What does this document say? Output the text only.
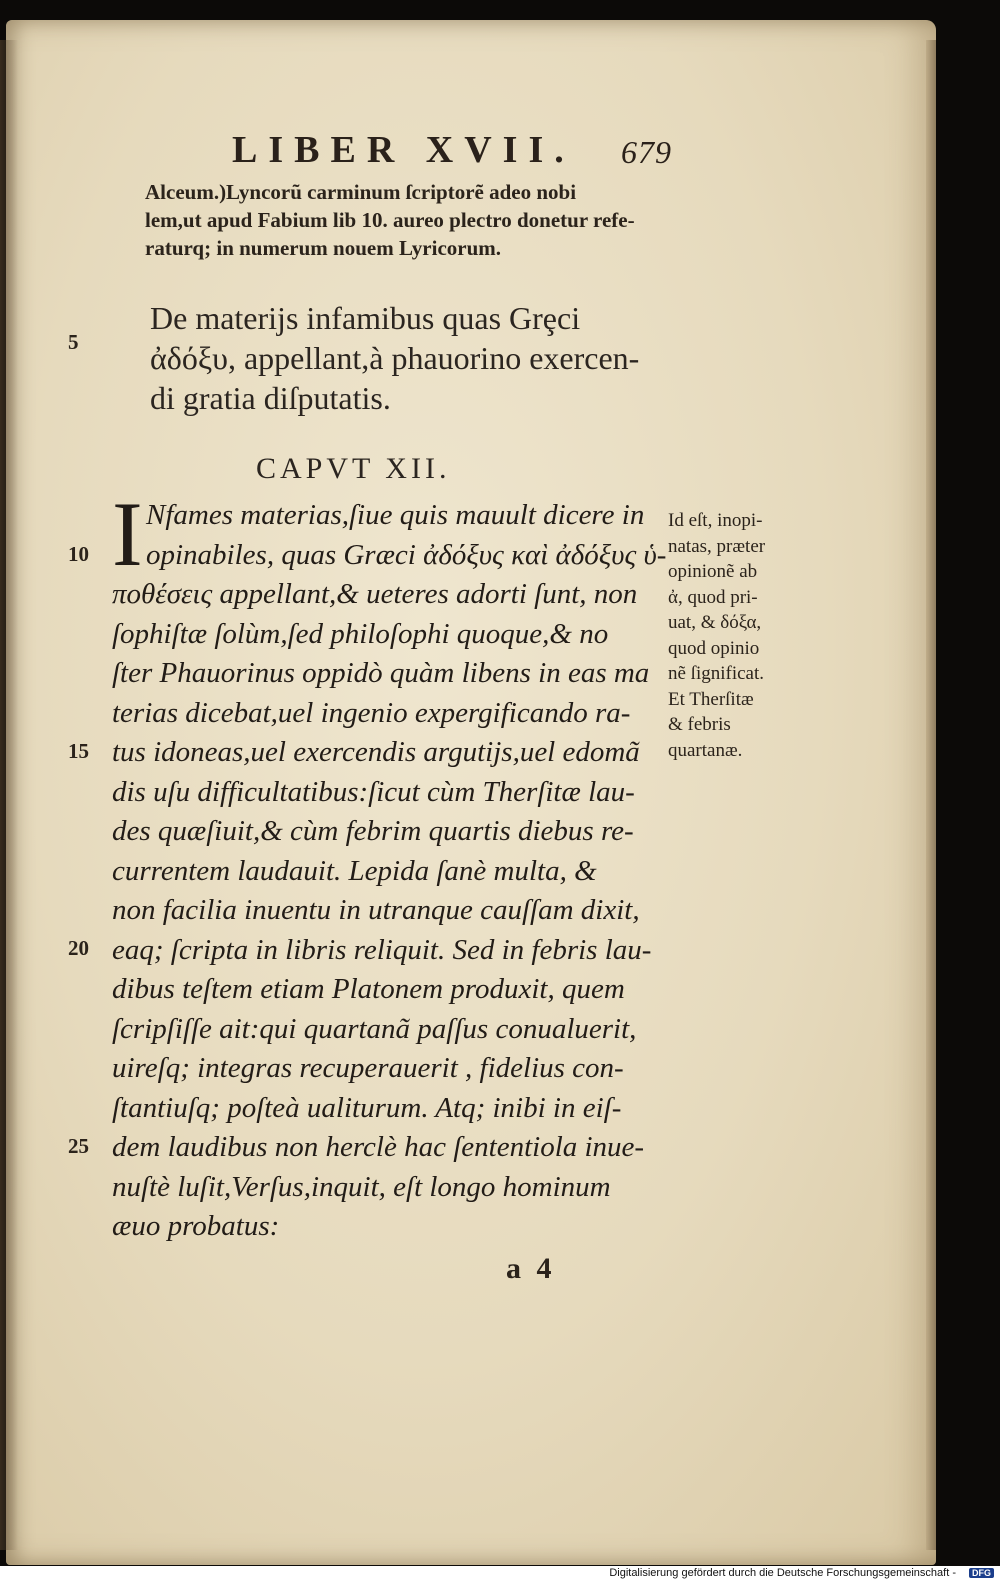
LIBER XVII. 679
Alceum.)Lyncorũ carminum ſcriptorẽ adeo nobi
lem,ut apud Fabium lib 10. aureo plectro donetur refe-
raturq; in numerum nouem Lyricorum.
5
De materijs infamibus quas Grȩci
ἀδόξυ, appellant,à phauorino exercen-
di gratia diſputatis.
CAPVT XII.
I Nfames materias,ſiue quis mauult dicere in
opinabiles, quas Græci ἀδόξυς καὶ ἀδόξυς ὑ-
ποθέσεις appellant,& ueteres adorti ſunt, non
ſophiſtæ ſolùm,ſed philoſophi quoque,& no
ſter Phauorinus oppidò quàm libens in eas ma
terias dicebat,uel ingenio expergificando ra-
tus idoneas,uel exercendis argutijs,uel edomã
dis uſu difficultatibus:ſicut cùm Therſitæ lau-
des quæſiuit,& cùm febrim quartis diebus re-
currentem laudauit. Lepida ſanè multa, &
non facilia inuentu in utranque cauſſam dixit,
eaq; ſcripta in libris reliquit. Sed in febris lau-
dibus teſtem etiam Platonem produxit, quem
ſcripſiſſe ait:qui quartanã paſſus conualuerit,
uireſq; integras recuperauerit , fidelius con-
ſtantiuſq; poſteà ualiturum. Atq; inibi in eiſ-
dem laudibus non herclè hac ſententiola inue-
nuſtè luſit,Verſus,inquit, eſt longo hominum
æuo probatus:
10
15
20
25
Id eſt, inopi-
natas, præter
opinionẽ ab
ἀ, quod pri-
uat, & δόξα,
quod opinio
nẽ ſignificat.
Et Therſitæ
& febris
quartanæ.
a 4
Digitalisierung gefördert durch die Deutsche Forschungsgemeinschaft -	DFG
